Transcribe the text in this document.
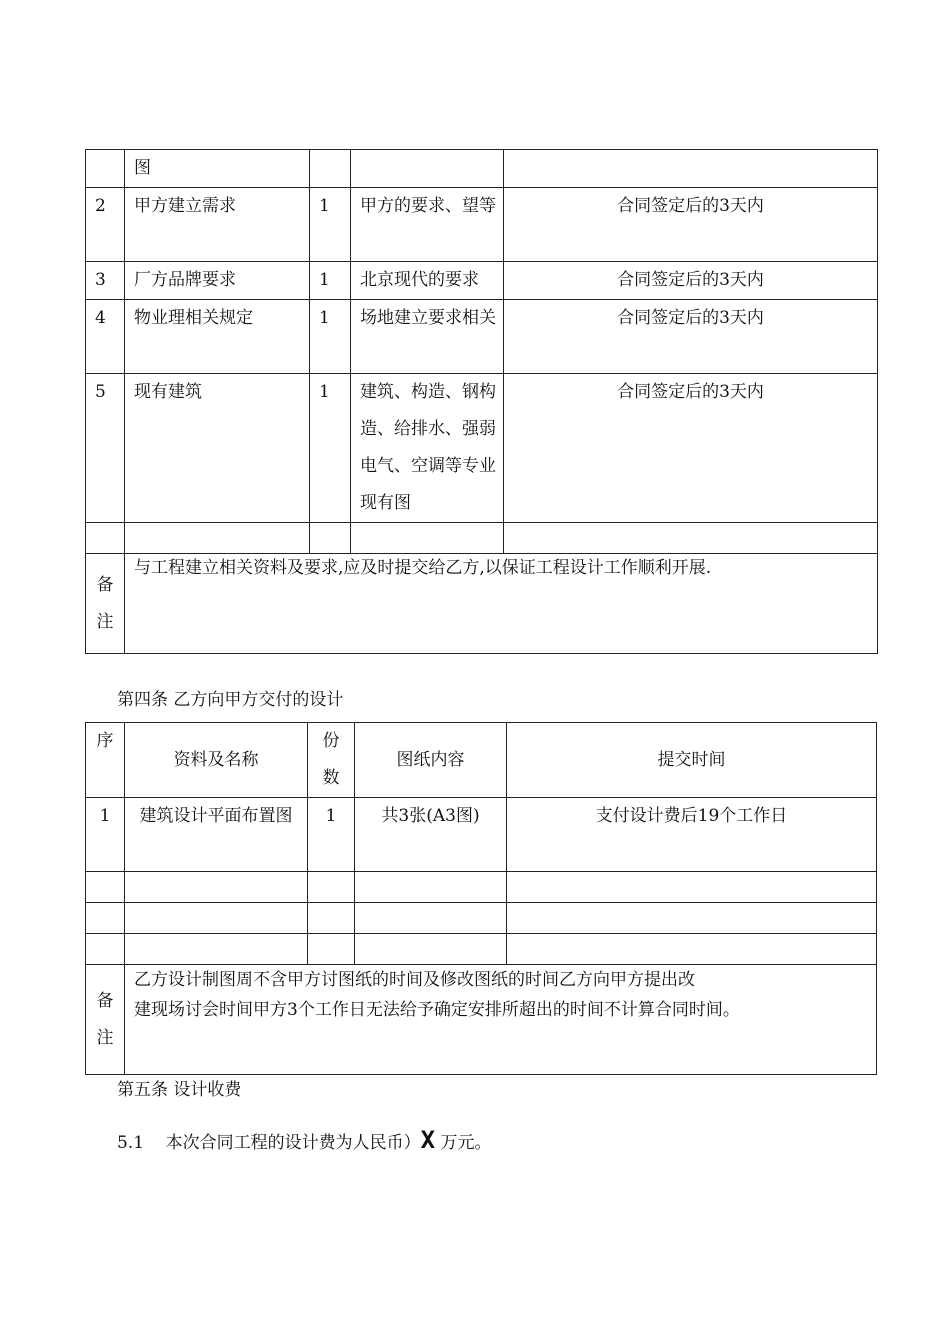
	图			
2	甲方建立需求	1	甲方的要求、望等	合同签定后的3天内
3	厂方品牌要求	1	北京现代的要求	合同签定后的3天内
4	物业理相关规定	1	场地建立要求相关	合同签定后的3天内
5	现有建筑	1	建筑、构造、钢构造、给排水、强弱电气、空调等专业现有图	合同签定后的3天内

备注	与工程建立相关资料及要求,应及时提交给乙方,以保证工程设计工作顺利开展.			
第四条 乙方向甲方交付的设计
序	资料及名称	份数	图纸内容	提交时间
1	建筑设计平面布置图	1	共3张(A3图)	支付设计费后19个工作日

备注	乙方设计制图周不含甲方讨图纸的时间及修改图纸的时间乙方向甲方提出改
建现场讨会时间甲方3个工作日无法给予确定安排所超出的时间不计算合同时间。			
第五条 设计收费
5.1 本次合同工程的设计费为人民币）X 万元。
